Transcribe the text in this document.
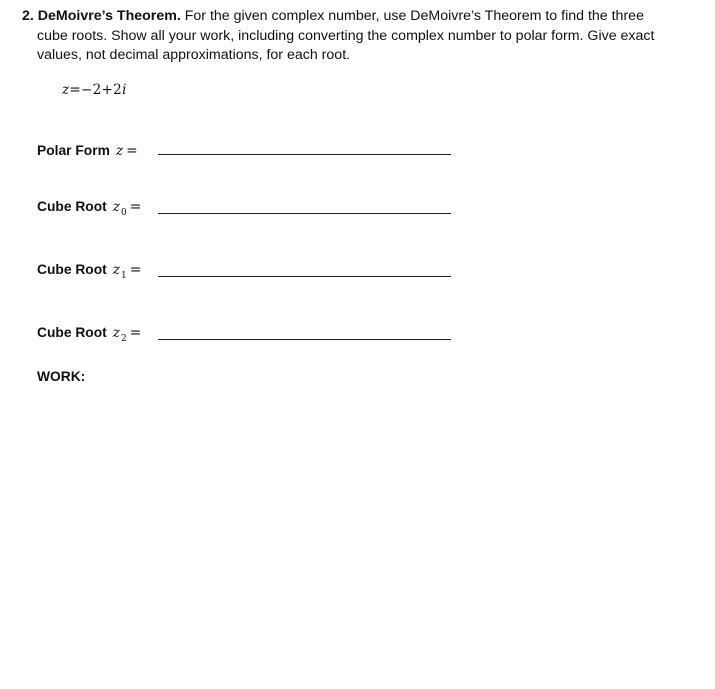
2. DeMoivre’s Theorem. For the given complex number, use DeMoivre’s Theorem to find the three
cube roots. Show all your work, including converting the complex number to polar form. Give exact values, not decimal approximations, for each root.
z=−2+2i
Polar Form z =
Cube Root $z_0$ =
Cube Root $z_1$ =
Cube Root $z_2$ =
WORK:
